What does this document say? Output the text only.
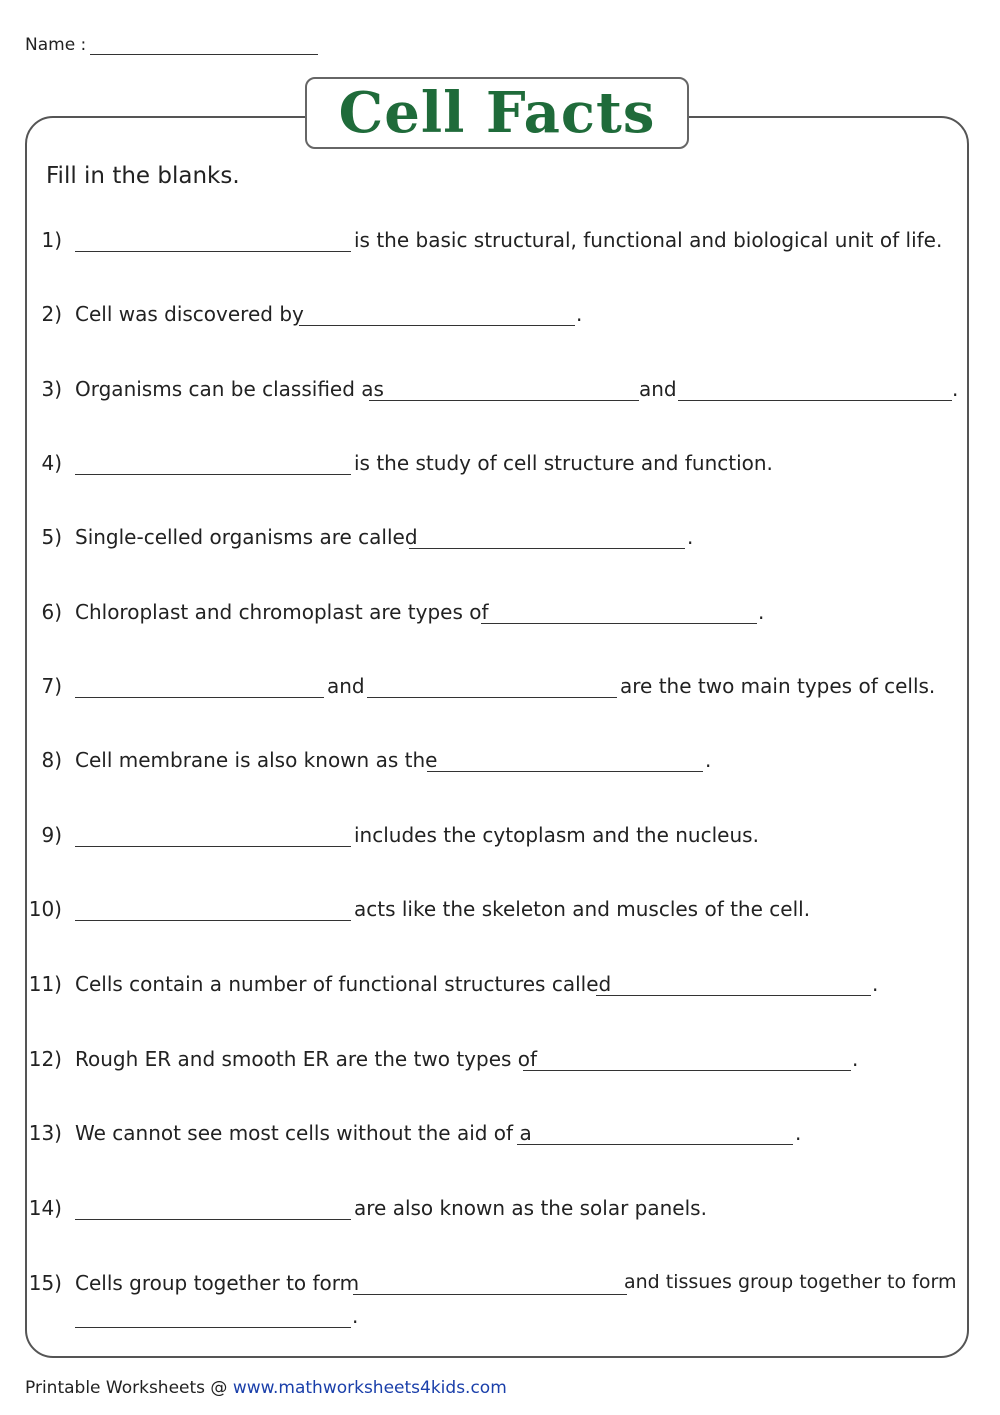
Name :
Cell Facts
Fill in the blanks.
1)	is the basic structural, functional and biological unit of life.
2) Cell was discovered by	.
3) Organisms can be classified as	and	.
4)	is the study of cell structure and function.
5) Single-celled organisms are called	.
6) Chloroplast and chromoplast are types of	.
7)	and	are the two main types of cells.
8) Cell membrane is also known as the	.
9)	includes the cytoplasm and the nucleus.
10)	acts like the skeleton and muscles of the cell.
11) Cells contain a number of functional structures called	.
12) Rough ER and smooth ER are the two types of	.
13) We cannot see most cells without the aid of a	.
14)	are also known as the solar panels.
15) Cells group together to form	and tissues group together to form
.
Printable Worksheets @ www.mathworksheets4kids.com
